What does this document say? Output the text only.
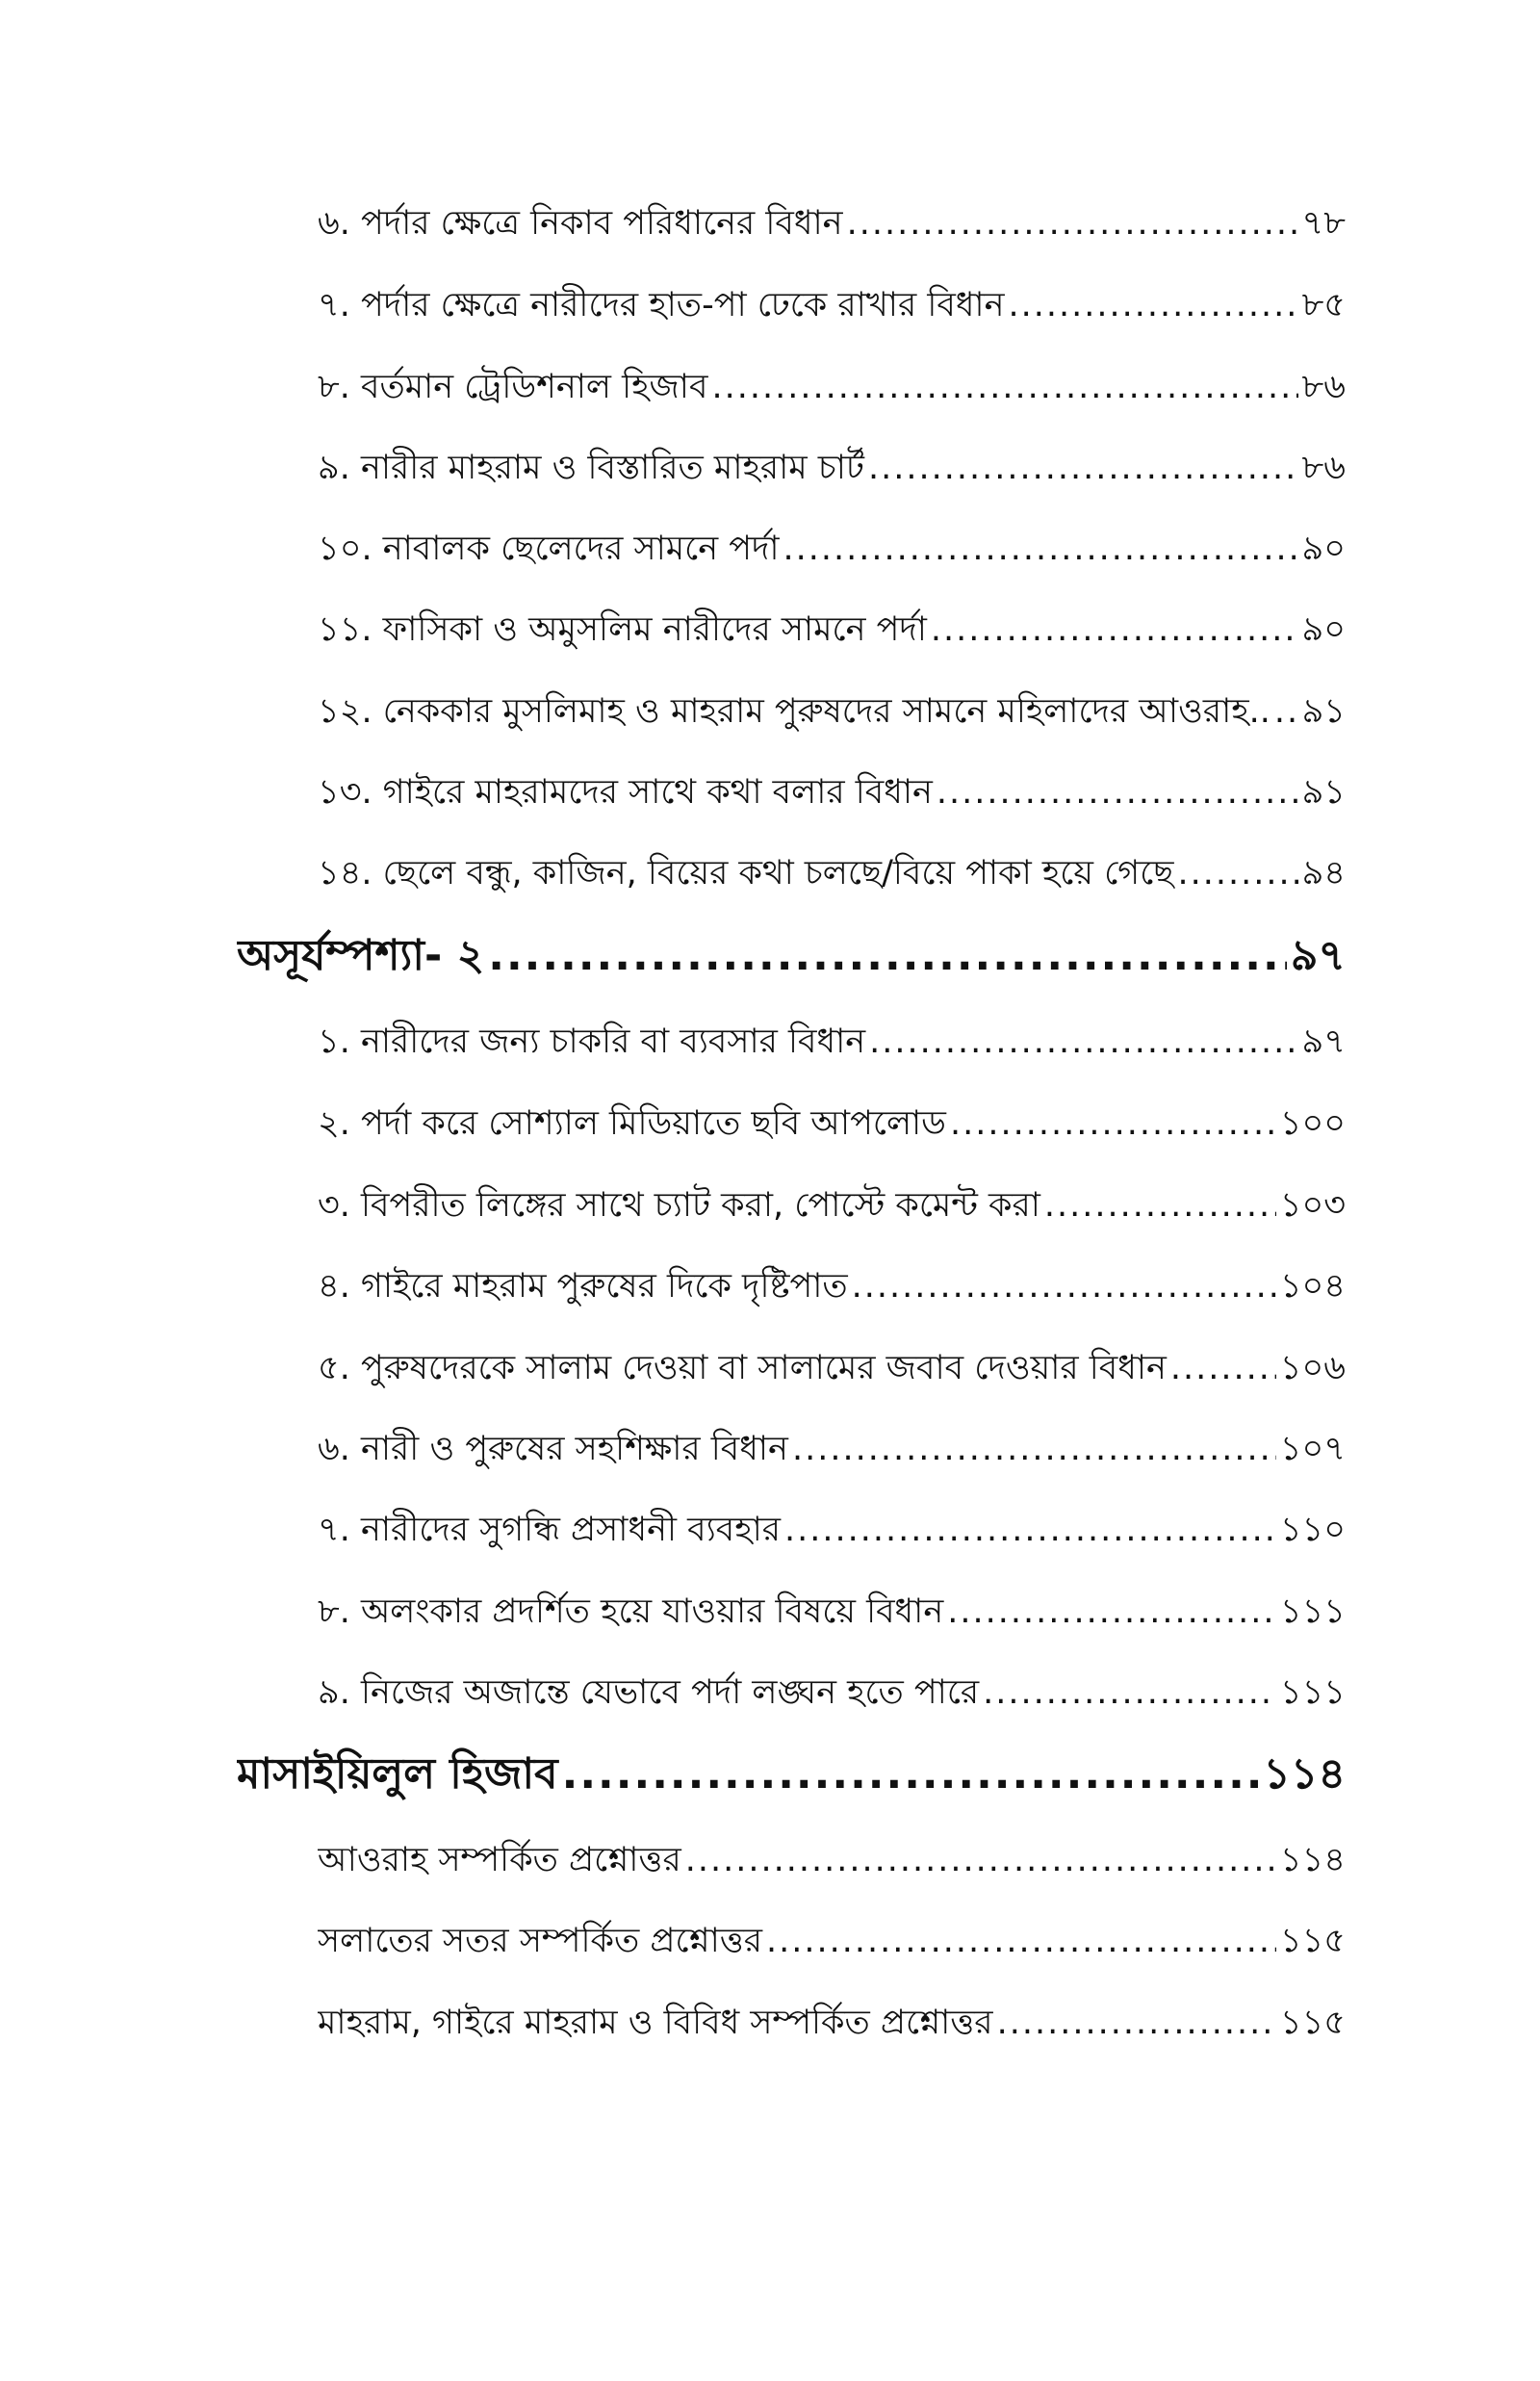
৬. পর্দার ক্ষেত্রে নিকাব পরিধানের বিধান .....	৭৮
৭. পর্দার ক্ষেত্রে নারীদের হাত-পা ঢেকে রাখার বিধান .....	৮৫
৮. বর্তমান ট্রেডিশনাল হিজাব .....	৮৬
৯. নারীর মাহরাম ও বিস্তারিত মাহরাম চার্ট .....	৮৬
১০. নাবালক ছেলেদের সামনে পর্দা .....	৯০
১১. ফাসিকা ও অমুসলিম নারীদের সামনে পর্দা .....	৯০
১২. নেককার মুসলিমাহ ও মাহরাম পুরুষদের সামনে মহিলাদের আওরাহ.. ..... ৯১
১৩. গাইরে মাহরামদের সাথে কথা বলার বিধান .....	৯১
১৪. ছেলে বন্ধু, কাজিন, বিয়ের কথা চলছে/বিয়ে পাকা হয়ে গেছে .....	৯৪
অসূর্যম্পশ্যা- ২ .....	৯৭
১. নারীদের জন্য চাকরি বা ব্যবসার বিধান .....	৯৭
২. পর্দা করে সোশ্যাল মিডিয়াতে ছবি আপলোড .....	১০০
৩. বিপরীত লিঙ্গের সাথে চ্যাট করা, পোস্টে কমেন্ট করা .....	১০৩
৪. গাইরে মাহরাম পুরুষের দিকে দৃষ্টিপাত .....	১০৪
৫. পুরুষদেরকে সালাম দেওয়া বা সালামের জবাব দেওয়ার বিধান .....	১০৬
৬. নারী ও পুরুষের সহশিক্ষার বিধান .....	১০৭
৭. নারীদের সুগন্ধি প্রসাধনী ব্যবহার .....	১১০
৮. অলংকার প্রদর্শিত হয়ে যাওয়ার বিষয়ে বিধান .....	১১১
৯. নিজের অজান্তে যেভাবে পর্দা লঙ্ঘন হতে পারে .....	১১১
মাসাইয়িলুল হিজাব .....	১১৪
আওরাহ সম্পর্কিত প্রশ্নোত্তর .....	১১৪
সলাতের সতর সম্পর্কিত প্রশ্নোত্তর .....	১১৫
মাহরাম, গাইরে মাহরাম ও বিবিধ সম্পর্কিত প্রশ্নোত্তর .....	১১৫
